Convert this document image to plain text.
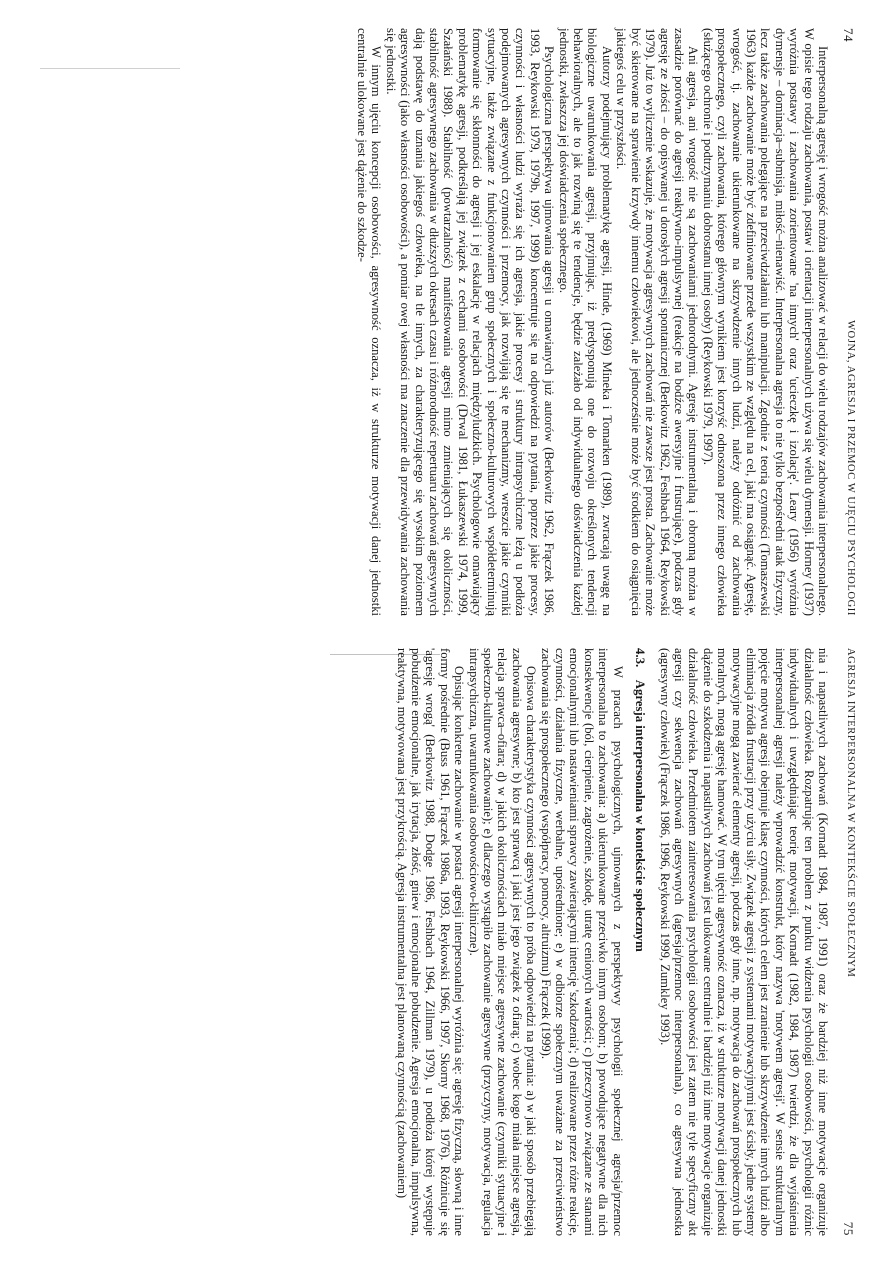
74
WOJNA, AGRESJA I PRZEMOC W UJĘCIU PSYCHOLOGII

Interpersonalną agresję i wrogość można analizować w relacji do wielu rodzajów zachowania interpersonalnego. W opisie tego rodzaju zachowania, postaw i orientacji interpersonalnych używa się wielu dymensji. Horney (1937) wyróżnia postawy i zachowania zorientowane 'na innych' oraz 'ucieczkę i izolację'. Leary (1956) wyróżnia dymensje – dominacja–submisja, miłość–nienawiść. Interpersonalna agresja to nie tylko bezpośredni atak fizyczny, lecz także zachowania polegające na przeciwdziałaniu lub manipulacji. Zgodnie z teorią czynności (Tomaszewski 1963) każde zachowanie może być zdefiniowane przede wszystkim ze względu na cel, jaki ma osiągnąć. Agresję, wrogość, tj. zachowanie ukierunkowane na skrzywdzenie innych ludzi, należy odróżnić od zachowania prospołecznego, czyli zachowania, którego głównym wynikiem jest korzyść odnoszona przez innego człowieka (służącego ochronie i podtrzymaniu dobrostanu innej osoby) (Reykowski 1979, 1997).

Ani agresja, ani wrogość nie są zachowaniami jednorodnymi. Agresję instrumentalną i obronną można w zasadzie porównać do agresji reaktywno-impulsywnej (reakcje na bodźce awersyjne i frustrujące), podczas gdy agresję ze złości – do opisywanej u dorosłych agresji spontanicznej (Berkowitz 1962, Feshbach 1964, Reykowski 1979). Już to wyliczenie wskazuje, że motywacja agresywnych zachowań nie zawsze jest prosta. Zachowanie może być skierowane na sprawienie krzywdy innemu człowiekowi, ale jednocześnie może być środkiem do osiągnięcia jakiegoś celu w przyszłości.

Autorzy podejmujący problematykę agresji, Hinde, (1969) Mineka i Tomarken (1989), zwracają uwagę na biologiczne uwarunkowania agresji, przyjmując, iż predysponują one do rozwoju określonych tendencji behawioralnych, ale to jak rozwiną się te tendencje, będzie zależało od indywidualnego doświadczenia każdej jednostki, zwłaszcza jej doświadczenia społecznego.

Psychologiczna perspektywa ujmowania agresji u omawianych już autorów (Berkowitz 1962, Frączek 1986, 1993, Reykowski 1979, 1979b, 1997, 1999) koncentruje się na odpowiedzi na pytania, poprzez jakie procesy, czynności i własności ludzi wyraża się ich agresja, jakie procesy i struktury intrapsychiczne leżą u podłoża podejmowanych agresywnych czynności i przemocy, jak rozwijają się te mechanizmy, wreszcie jakie czynniki sytuacyjne, także związane z funkcjonowaniem grup społecznych i społeczno-kulturowych współdeterminują formowanie się skłonności do agresji i jej eskalację w relacjach międzyludzkich. Psychologowie omawiający problematykę agresji, podkreślają jej związek z cechami osobowości (Drwal 1981, Łukaszewski 1974, 1999, Szałański 1988). Stabilność (powtarzalność) manifestowania agresji mimo zmieniających się okoliczności, stabilność agresywnego zachowania w dłuższych okresach czasu i różnorodność repertuaru zachowań agresywnych dają podstawę do uznania jakiegoś człowieka, na tle innych, za charakteryzującego się wysokim poziomem agresywności (jako własności osobowości), a pomiar owej własności ma znaczenie dla przewidywania zachowania się jednostki.

W innym ujęciu koncepcji osobowości, agresywność oznacza, iż w strukturze motywacji danej jednostki centralnie ulokowane jest dążenie do szkodze-

AGRESJA INTERPERSONALNA W KONTEKŚCIE SPOŁECZNYM
75

nia i napastliwych zachowań (Kornadt 1984, 1987, 1991) oraz że bardziej niż inne motywacje organizuje działalność człowieka. Rozpatrując ten problem z punktu widzenia psychologii osobowości, psychologii różnic indywidualnych i uwzględniając teorię motywacji, Kornadt (1982, 1984, 1987) twierdzi, że dla wyjaśnienia interpersonalnej agresji należy wprowadzić konstrukt, który nazywa 'motywem agresji'. W sensie strukturalnym pojęcie motywu agresji obejmuje klasę czynności, których celem jest zranienie lub skrzywdzenie innych ludzi albo eliminacja źródła frustracji przy użyciu siły. Związek agresji z systemami motywacyjnymi jest ścisły, jedne systemy motywacyjne mogą zawierać elementy agresji, podczas gdy inne, np. motywacja do zachowań prospołecznych lub moralnych, mogą agresję hamować. W tym ujęciu agresywność oznacza, iż w strukturze motywacji danej jednostki dążenie do szkodzenia i napastliwych zachowań jest ulokowane centralnie i bardziej niż inne motywacje organizuje działalność człowieka. Przedmiotem zainteresowania psychologii osobowości jest zatem nie tyle specyficzny akt agresji czy sekwencja zachowań agresywnych (agresja/przemoc interpersonalna), co agresywna jednostka (agresywny człowiek) (Frączek 1986, 1996, Reykowski 1999, Zumkley 1993).

4.3. Agresja interpersonalna w kontekście społecznym

W pracach psychologicznych, ujmowanych z perspektywy psychologii społecznej agresja/przemoc interpersonalna to zachowania: a) ukierunkowane przeciwko innym osobom; b) powodujące negatywne dla nich konsekwencje (ból, cierpienie, zagrożenie, szkodę, utratę cenionych wartości; c) przeczynowo związane ze stanami emocjonalnymi lub nastawieniami sprawcy zawierającymi intencję 'szkodzenia'; d) realizowane przez różne reakcje, czynności, działania fizyczne, werbalne, upośrednione; e) w odbiorze społecznym uważane za przeciwieństwo zachowania się prospołecznego (współpracy, pomocy, altruizmu) Frączek (1999).

Opisowa charakterystyka czynności agresywnych to próba odpowiedzi na pytania: a) w jaki sposób przebiegają zachowania agresywne; b) kto jest sprawcą i jaki jest jego związek z ofiarą; c) wobec kogo miała miejsce agresja, relacja sprawca–ofiara; d) w jakich okolicznościach miało miejsce agresywne zachowanie (czynniki sytuacyjne i społeczno-kulturowe zachowanie); e) dlaczego wystąpiło zachowanie agresywne (przyczyny, motywacja, regulacja intrapsychiczna, uwarunkowania osobowościowo-kliniczne).

Opisując konkretne zachowanie w postaci agresji interpersonalnej wyróżnia się: agresję fizyczną, słowną i inne formy pośrednie (Buss 1961, Frączek 1986a, 1993, Reykowski 1966, 1997, Skorny 1968, 1976). Różnicuje się 'agresję wrogą' (Berkowitz 1988, Dodge 1986, Feshbach 1964, Zillman 1979), u podłoża której występuje pobudzenie emocjonalne, jak irytacja, złość, gniew i emocjonalne pobudzenie. Agresja emocjonalna, impulsywna, reaktywna, motywowana jest przykrością. Agresja instrumentalna jest planowaną czynnością (zachowaniem)
